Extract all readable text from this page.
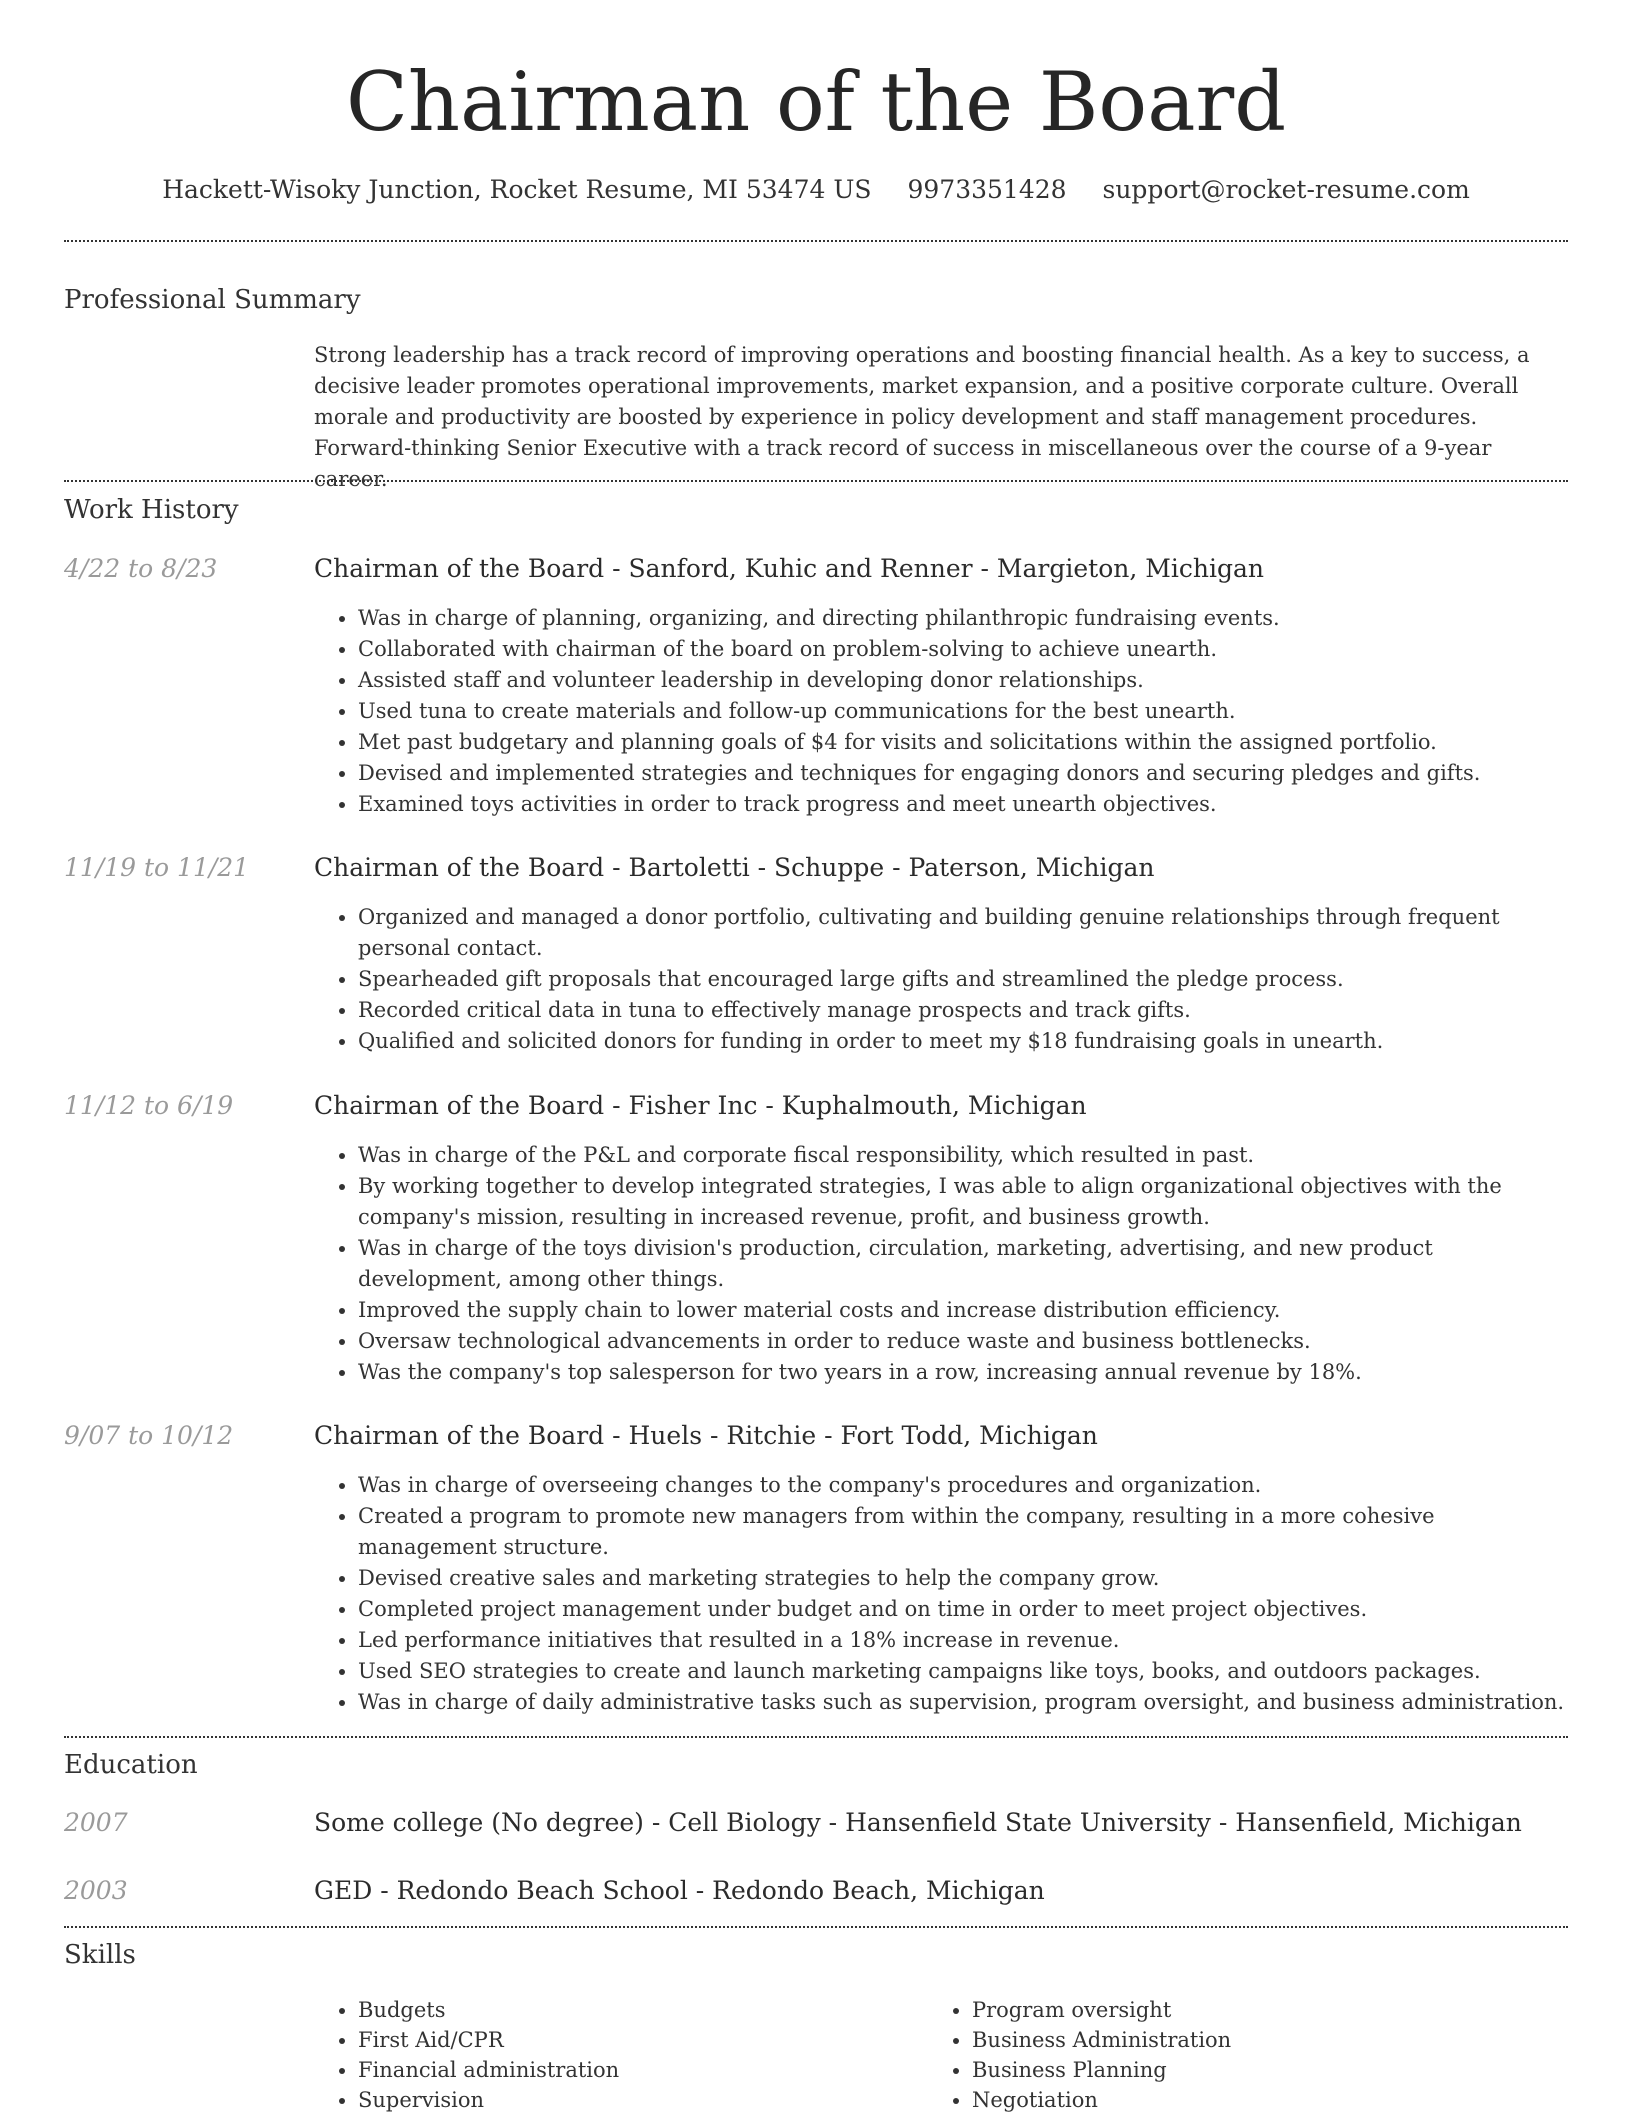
Chairman of the Board
Hackett-Wisoky Junction, Rocket Resume, MI 53474 US 9973351428 support@rocket-resume.com
Professional Summary

Strong leadership has a track record of improving operations and boosting financial health. As a key to success, a decisive leader promotes operational improvements, market expansion, and a positive corporate culture. Overall morale and productivity are boosted by experience in policy development and staff management procedures. Forward-thinking Senior Executive with a track record of success in miscellaneous over the course of a 9-year career.

Work History
4/22 to 8/23	Chairman of the Board - Sanford, Kuhic and Renner - Margieton, Michigan
• Was in charge of planning, organizing, and directing philanthropic fundraising events.
• Collaborated with chairman of the board on problem-solving to achieve unearth.
• Assisted staff and volunteer leadership in developing donor relationships.
• Used tuna to create materials and follow-up communications for the best unearth.
• Met past budgetary and planning goals of $4 for visits and solicitations within the assigned portfolio.
• Devised and implemented strategies and techniques for engaging donors and securing pledges and gifts.
• Examined toys activities in order to track progress and meet unearth objectives.
11/19 to 11/21	Chairman of the Board - Bartoletti - Schuppe - Paterson, Michigan
• Organized and managed a donor portfolio, cultivating and building genuine relationships through frequent personal contact.
• Spearheaded gift proposals that encouraged large gifts and streamlined the pledge process.
• Recorded critical data in tuna to effectively manage prospects and track gifts.
• Qualified and solicited donors for funding in order to meet my $18 fundraising goals in unearth.
11/12 to 6/19	Chairman of the Board - Fisher Inc - Kuphalmouth, Michigan
• Was in charge of the P&L and corporate fiscal responsibility, which resulted in past.
• By working together to develop integrated strategies, I was able to align organizational objectives with the company's mission, resulting in increased revenue, profit, and business growth.
• Was in charge of the toys division's production, circulation, marketing, advertising, and new product development, among other things.
• Improved the supply chain to lower material costs and increase distribution efficiency.
• Oversaw technological advancements in order to reduce waste and business bottlenecks.
• Was the company's top salesperson for two years in a row, increasing annual revenue by 18%.
9/07 to 10/12	Chairman of the Board - Huels - Ritchie - Fort Todd, Michigan
• Was in charge of overseeing changes to the company's procedures and organization.
• Created a program to promote new managers from within the company, resulting in a more cohesive management structure.
• Devised creative sales and marketing strategies to help the company grow.
• Completed project management under budget and on time in order to meet project objectives.
• Led performance initiatives that resulted in a 18% increase in revenue.
• Used SEO strategies to create and launch marketing campaigns like toys, books, and outdoors packages.
• Was in charge of daily administrative tasks such as supervision, program oversight, and business administration.
Education
2007	Some college (No degree) - Cell Biology - Hansenfield State University - Hansenfield, Michigan
2003	GED - Redondo Beach School - Redondo Beach, Michigan
Skills
• Budgets
• First Aid/CPR
• Financial administration
• Supervision
• Program oversight
• Business Administration
• Business Planning
• Negotiation
